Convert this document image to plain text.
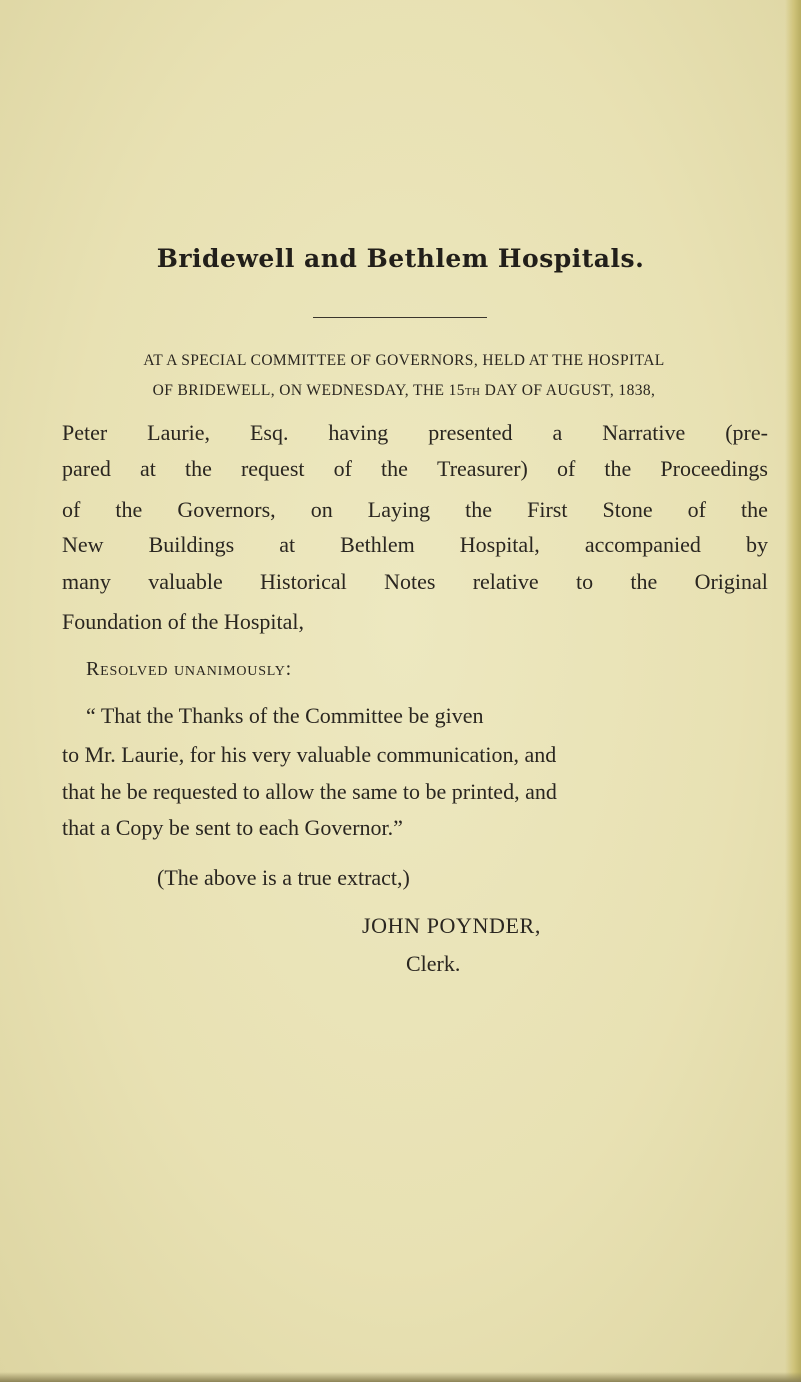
Bridewell and Bethlem Hospitals.
AT A SPECIAL COMMITTEE OF GOVERNORS, HELD AT THE HOSPITAL
OF BRIDEWELL, ON WEDNESDAY, THE 15th DAY OF AUGUST, 1838,
Peter Laurie, Esq. having presented a Narrative (pre-
pared at the request of the Treasurer) of the Proceedings
of the Governors, on Laying the First Stone of the
New Buildings at Bethlem Hospital, accompanied by
many valuable Historical Notes relative to the Original
Foundation of the Hospital,
Resolved unanimously:
“ That the Thanks of the Committee be given
to Mr. Laurie, for his very valuable communication, and
that he be requested to allow the same to be printed, and
that a Copy be sent to each Governor.”
(The above is a true extract,)
JOHN POYNDER,
Clerk.
